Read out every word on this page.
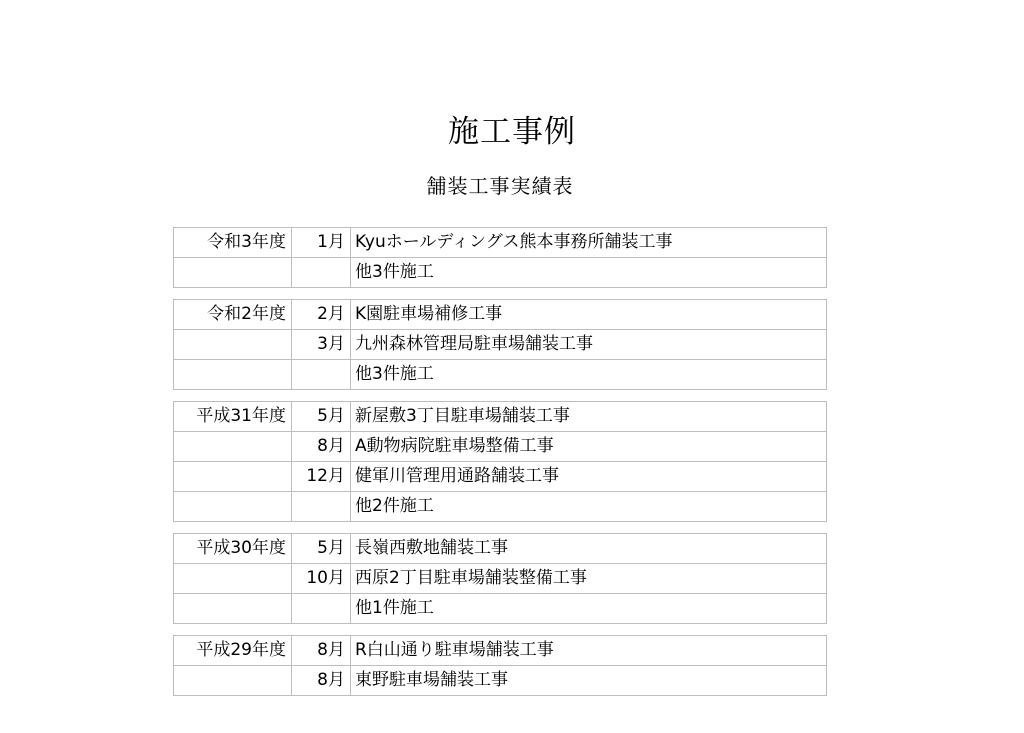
施工事例
舗装工事実績表
令和3年度	1月	Kyuホールディングス熊本事務所舗装工事
		他3件施工
令和2年度	2月	K園駐車場補修工事
	3月	九州森林管理局駐車場舗装工事
		他3件施工
平成31年度	5月	新屋敷3丁目駐車場舗装工事
	8月	A動物病院駐車場整備工事
	12月	健軍川管理用通路舗装工事
		他2件施工
平成30年度	5月	長嶺西敷地舗装工事
	10月	西原2丁目駐車場舗装整備工事
		他1件施工
平成29年度	8月	R白山通り駐車場舗装工事
	8月	東野駐車場舗装工事
